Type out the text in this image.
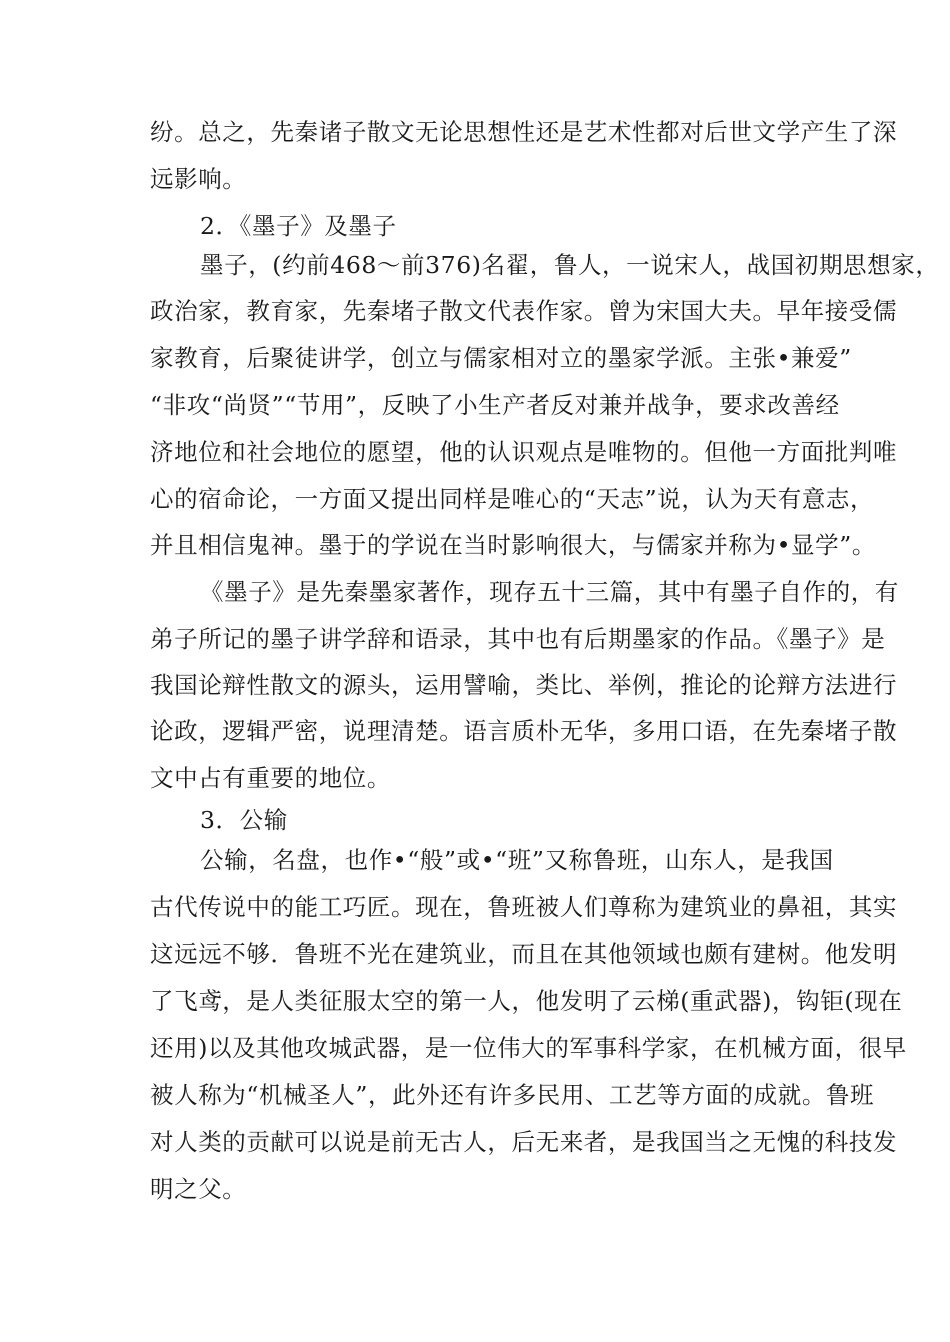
纷。总之，先秦诸子散文无论思想性还是艺术性都对后世文学产生了深
远影响。
2．《墨子》及墨子
墨子，(约前468～前376)名翟，鲁人，一说宋人，战国初期思想家，
政治家，教育家，先秦堵子散文代表作家。曾为宋国大夫。早年接受儒
家教育，后聚徒讲学，创立与儒家相对立的墨家学派。主张•兼爱”
“非攻“尚贤”“节用”，反映了小生产者反对兼并战争，要求改善经
济地位和社会地位的愿望，他的认识观点是唯物的。但他一方面批判唯
心的宿命论，一方面又提出同样是唯心的“天志”说，认为天有意志，
并且相信鬼神。墨于的学说在当时影响很大，与儒家并称为•显学”。
《墨子》是先秦墨家著作，现存五十三篇，其中有墨子自作的，有
弟子所记的墨子讲学辞和语录，其中也有后期墨家的作品。《墨子》是
我国论辩性散文的源头，运用譬喻，类比、举例，推论的论辩方法进行
论政，逻辑严密，说理清楚。语言质朴无华，多用口语，在先秦堵子散
文中占有重要的地位。
3．公输
公输，名盘，也作•“般”或•“班”又称鲁班，山东人，是我国
古代传说中的能工巧匠。现在，鲁班被人们尊称为建筑业的鼻祖，其实
这远远不够．鲁班不光在建筑业，而且在其他领域也颇有建树。他发明
了飞鸢，是人类征服太空的第一人，他发明了云梯(重武器)，钩钜(现在
还用)以及其他攻城武器，是一位伟大的军事科学家，在机械方面，很早
被人称为“机械圣人”，此外还有许多民用、工艺等方面的成就。鲁班
对人类的贡献可以说是前无古人，后无来者，是我国当之无愧的科技发
明之父。
